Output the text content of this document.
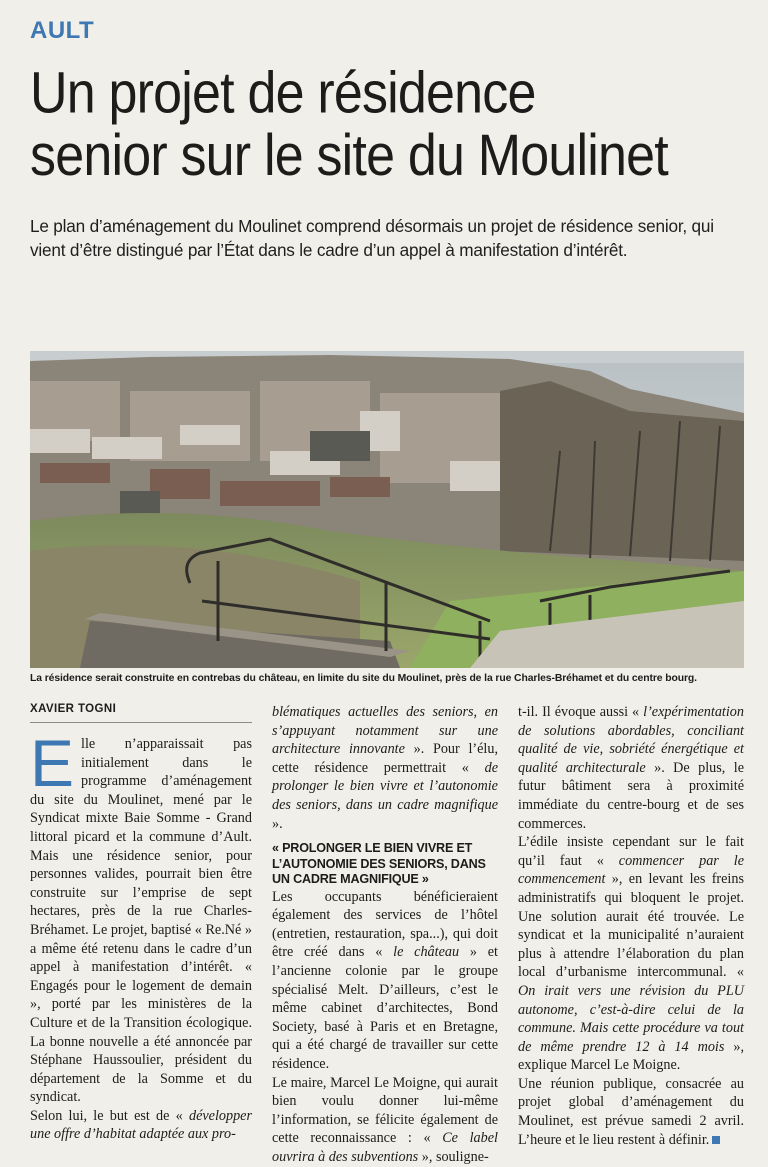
AULT
Un projet de résidence
senior sur le site du Moulinet

Le plan d’aménagement du Moulinet comprend désormais un projet de résidence senior, qui vient d’être distingué par l’État dans le cadre d’un appel à manifestation d’intérêt.

La résidence serait construite en contrebas du château, en limite du site du Moulinet, près de la rue Charles-Bréhamet et du centre bourg.
XAVIER TOGNI

Elle n’apparaissait pas initialement dans le programme d’aménagement du site du Moulinet, mené par le Syndicat mixte Baie Somme - Grand littoral picard et la commune d’Ault. Mais une résidence senior, pour personnes valides, pourrait bien être construite sur l’emprise de sept hectares, près de la rue Charles-Bréhamet. Le projet, baptisé « Re.Né » a même été retenu dans le cadre d’un appel à manifestation d’intérêt. « Engagés pour le logement de demain », porté par les ministères de la Culture et de la Transition écologique. La bonne nouvelle a été annoncée par Stéphane Haussoulier, président du département de la Somme et du syndicat.

Selon lui, le but est de « développer une offre d’habitat adaptée aux pro-

blématiques actuelles des seniors, en s’appuyant notamment sur une architecture innovante ». Pour l’élu, cette résidence permettrait « de prolonger le bien vivre et l’autonomie des seniors, dans un cadre magnifique ».

« PROLONGER LE BIEN VIVRE ET L’AUTONOMIE DES SENIORS, DANS UN CADRE MAGNIFIQUE »

Les occupants bénéficieraient également des services de l’hôtel (entretien, restauration, spa...), qui doit être créé dans « le château » et l’ancienne colonie par le groupe spécialisé Melt. D’ailleurs, c’est le même cabinet d’architectes, Bond Society, basé à Paris et en Bretagne, qui a été chargé de travailler sur cette résidence.

Le maire, Marcel Le Moigne, qui aurait bien voulu donner lui-même l’information, se félicite également de cette reconnaissance : « Ce label ouvrira à des subventions », souligne-

t-il. Il évoque aussi « l’expérimentation de solutions abordables, conciliant qualité de vie, sobriété énergétique et qualité architecturale ». De plus, le futur bâtiment sera à proximité immédiate du centre-bourg et de ses commerces.

L’édile insiste cependant sur le fait qu’il faut « commencer par le commencement », en levant les freins administratifs qui bloquent le projet. Une solution aurait été trouvée. Le syndicat et la municipalité n’auraient plus à attendre l’élaboration du plan local d’urbanisme intercommunal. « On irait vers une révision du PLU autonome, c’est-à-dire celui de la commune. Mais cette procédure va tout de même prendre 12 à 14 mois », explique Marcel Le Moigne.

Une réunion publique, consacrée au projet global d’aménagement du Moulinet, est prévue samedi 2 avril. L’heure et le lieu restent à définir.
